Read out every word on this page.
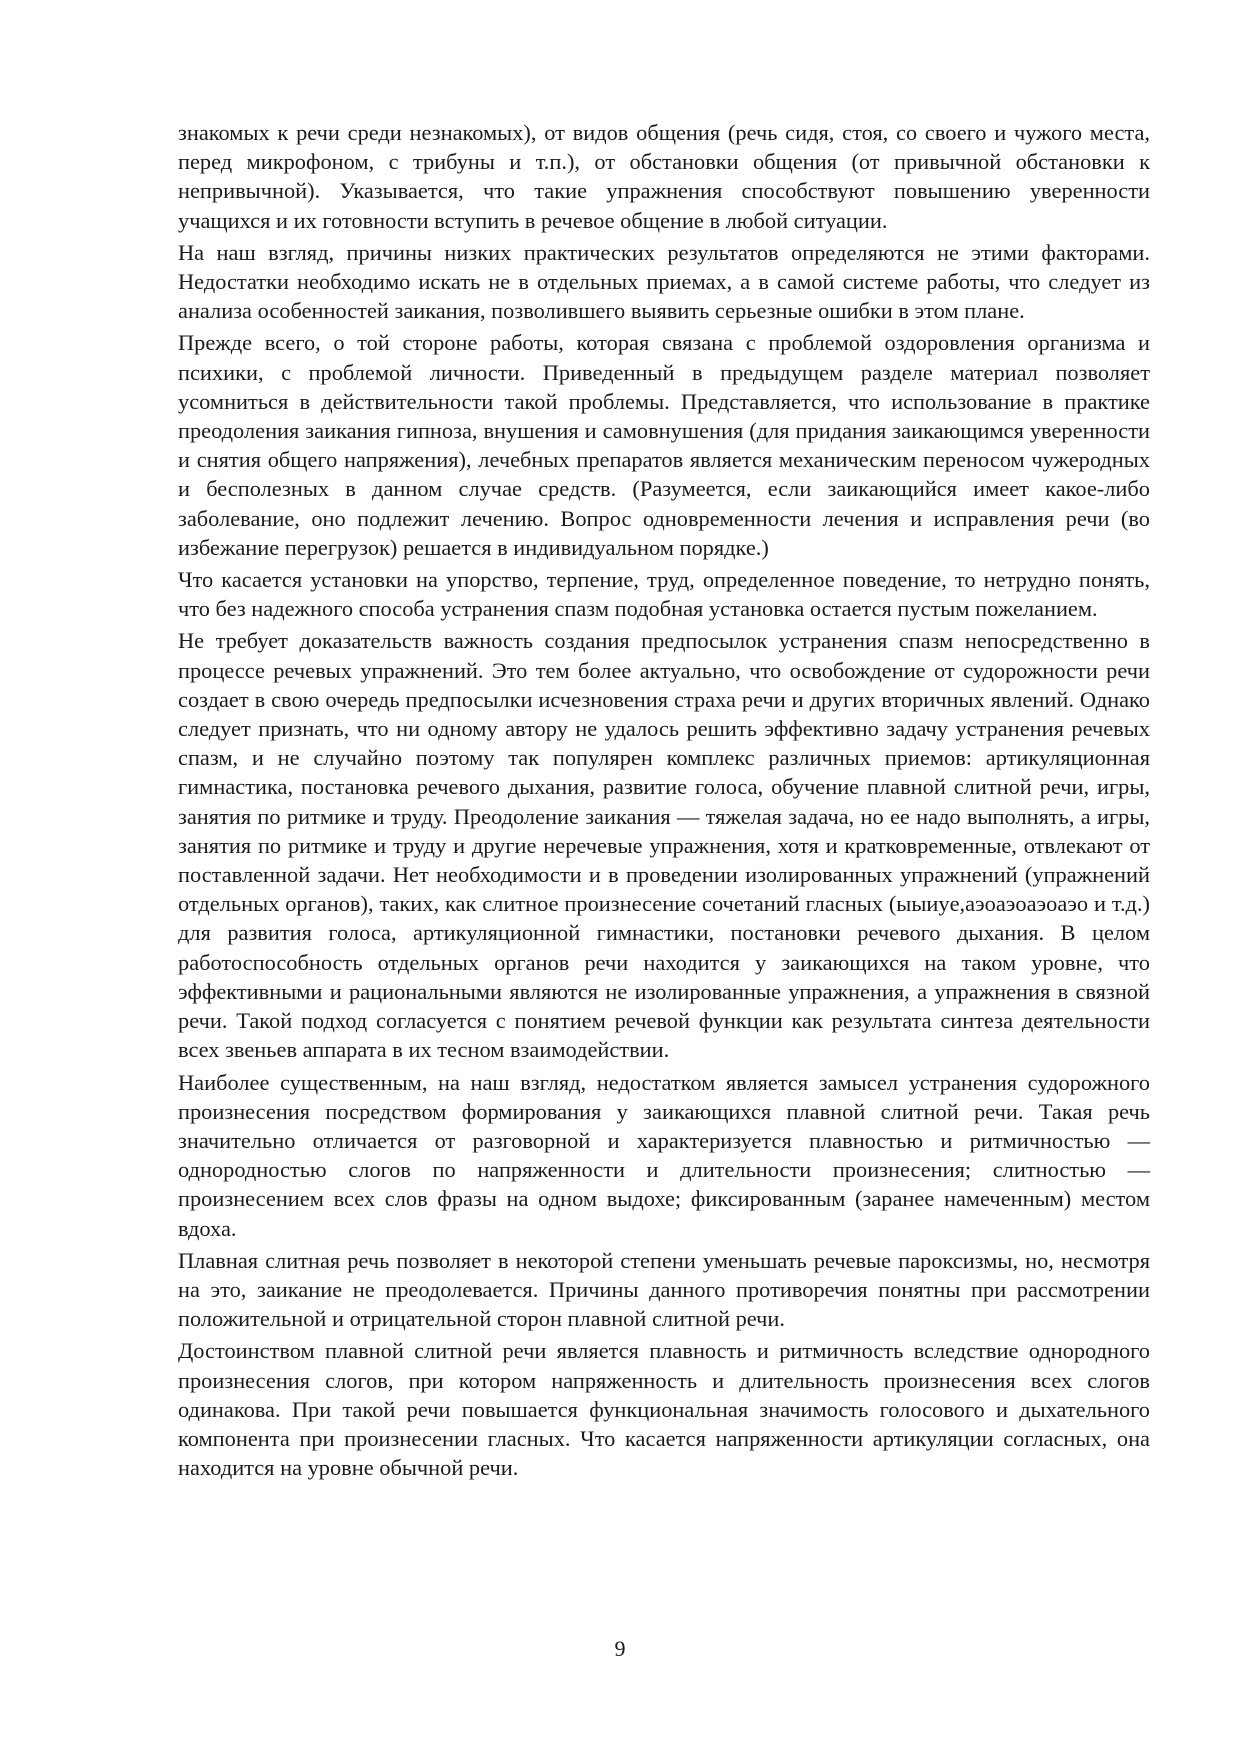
знакомых к речи среди незнакомых), от видов общения (речь сидя, стоя, со своего и чужого места, перед микрофоном, с трибуны и т.п.), от обстановки общения (от привычной обстановки к непривычной). Указывается, что такие упражнения способствуют повышению уверенности учащихся и их готовности вступить в речевое общение в любой ситуации.

На наш взгляд, причины низких практических результатов определяются не этими факторами. Недостатки необходимо искать не в отдельных приемах, а в самой системе работы, что следует из анализа особенностей заикания, позволившего выявить серьезные ошибки в этом плане.

Прежде всего, о той стороне работы, которая связана с проблемой оздоровления организма и психики, с проблемой личности. Приведенный в предыдущем разделе материал позволяет усомниться в действительности такой проблемы. Представляется, что использование в практике преодоления заикания гипноза, внушения и самовнушения (для придания заикающимся уверенности и снятия общего напряжения), лечебных препаратов является механическим переносом чужеродных и бесполезных в данном случае средств. (Разумеется, если заикающийся имеет какое-либо заболевание, оно подлежит лечению. Вопрос одновременности лечения и исправления речи (во избежание перегрузок) решается в индивидуальном порядке.)

Что касается установки на упорство, терпение, труд, определенное поведение, то нетрудно понять, что без надежного способа устранения спазм подобная установка остается пустым пожеланием.

Не требует доказательств важность создания предпосылок устранения спазм непосредственно в процессе речевых упражнений. Это тем более актуально, что освобождение от судорожности речи создает в свою очередь предпосылки исчезновения страха речи и других вторичных явлений. Однако следует признать, что ни одному автору не удалось решить эффективно задачу устранения речевых спазм, и не случайно поэтому так популярен комплекс различных приемов: артикуляционная гимнастика, постановка речевого дыхания, развитие голоса, обучение плавной слитной речи, игры, занятия по ритмике и труду. Преодоление заикания — тяжелая задача, но ее надо выполнять, а игры, занятия по ритмике и труду и другие неречевые упражнения, хотя и кратковременные, отвлекают от поставленной задачи. Нет необходимости и в проведении изолированных упражнений (упражнений отдельных органов), таких, как слитное произнесение сочетаний гласных (ыыиye,аэоаэоаэоаэо и т.д.) для развития голоса, артикуляционной гимнастики, постановки речевого дыхания. В целом работоспособность отдельных органов речи находится у заикающихся на таком уровне, что эффективными и рациональными являются не изолированные упражнения, а упражнения в связной речи. Такой подход согласуется с понятием речевой функции как результата синтеза деятельности всех звеньев аппарата в их тесном взаимодействии.

Наиболее существенным, на наш взгляд, недостатком является замысел устранения судорожного произнесения посредством формирования у заикающихся плавной слитной речи. Такая речь значительно отличается от разговорной и характеризуется плавностью и ритмичностью — однородностью слогов по напряженности и длительности произнесения; слитностью — произнесением всех слов фразы на одном выдохе; фиксированным (заранее намеченным) местом вдоха.

Плавная слитная речь позволяет в некоторой степени уменьшать речевые пароксизмы, но, несмотря на это, заикание не преодолевается. Причины данного противоречия понятны при рассмотрении положительной и отрицательной сторон плавной слитной речи.

Достоинством плавной слитной речи является плавность и ритмичность вследствие однородного произнесения слогов, при котором напряженность и длительность произнесения всех слогов одинакова. При такой речи повышается функциональная значимость голосового и дыхательного компонента при произнесении гласных. Что касается напряженности артикуляции согласных, она находится на уровне обычной речи.

9
